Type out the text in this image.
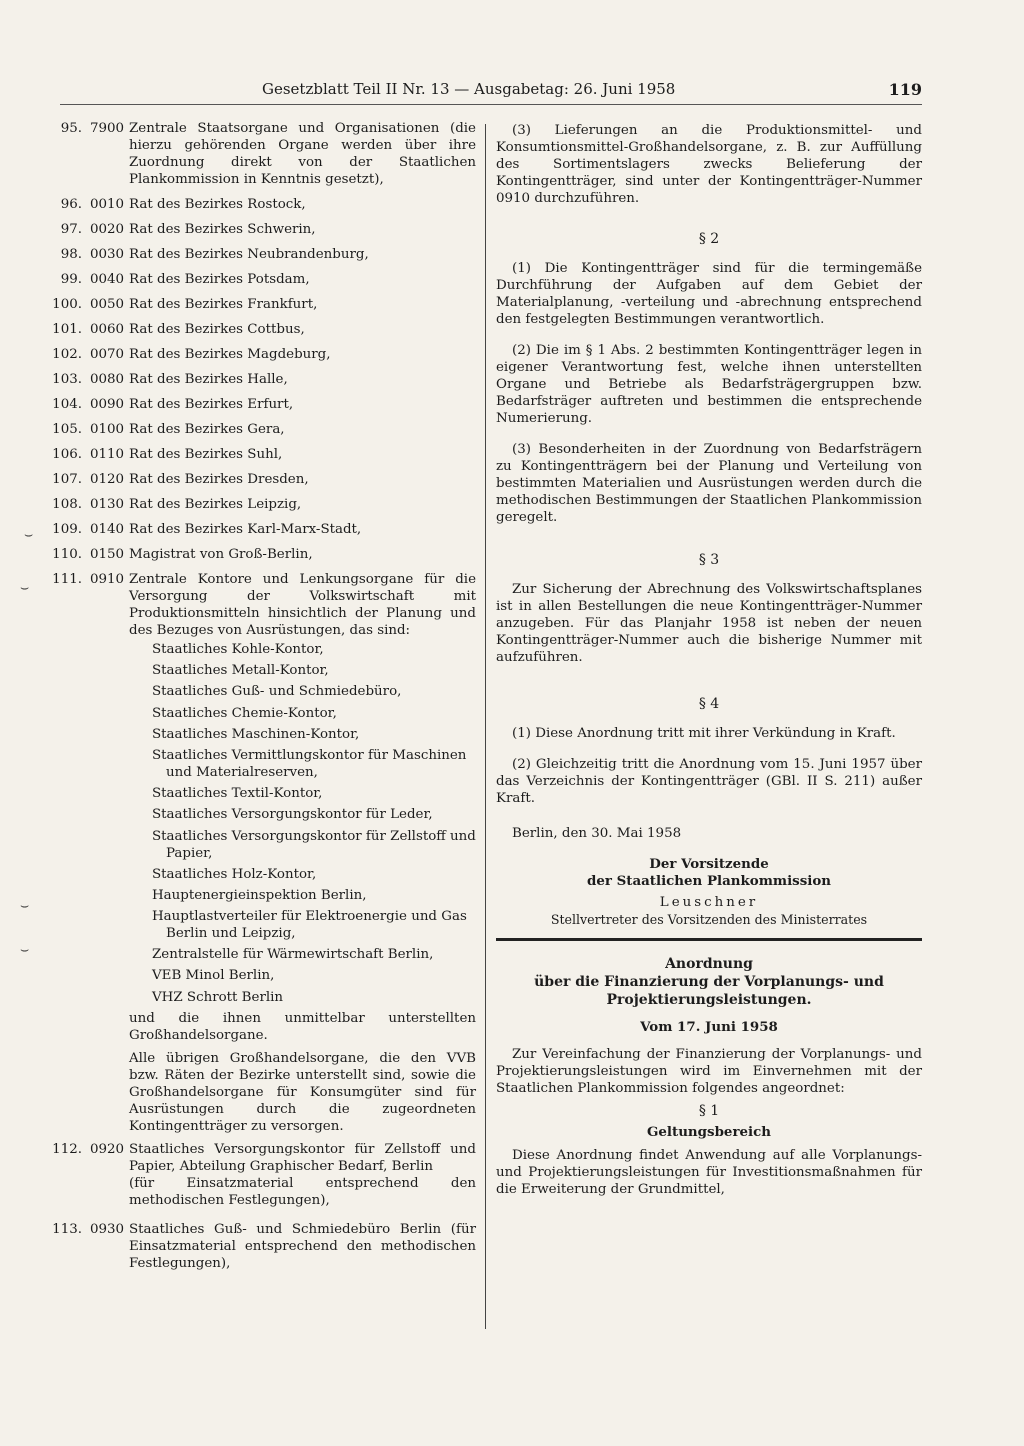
Gesetzblatt Teil II Nr. 13 — Ausgabetag: 26. Juni 1958	119
⌣
⌣
⌣
⌣
95. 7900 Zentrale Staatsorgane und Organisationen (die hierzu gehörenden Organe werden über ihre Zuordnung direkt von der Staatlichen Plankommission in Kenntnis gesetzt),
96. 0010 Rat des Bezirkes Rostock,
97. 0020 Rat des Bezirkes Schwerin,
98. 0030 Rat des Bezirkes Neubrandenburg,
99. 0040 Rat des Bezirkes Potsdam,
100. 0050 Rat des Bezirkes Frankfurt,
101. 0060 Rat des Bezirkes Cottbus,
102. 0070 Rat des Bezirkes Magdeburg,
103. 0080 Rat des Bezirkes Halle,
104. 0090 Rat des Bezirkes Erfurt,
105. 0100 Rat des Bezirkes Gera,
106. 0110 Rat des Bezirkes Suhl,
107. 0120 Rat des Bezirkes Dresden,
108. 0130 Rat des Bezirkes Leipzig,
109. 0140 Rat des Bezirkes Karl-Marx-Stadt,
110. 0150 Magistrat von Groß-Berlin,
111. 0910 Zentrale Kontore und Lenkungsorgane für die Versorgung der Volkswirtschaft mit Produktionsmitteln hinsichtlich der Planung und des Bezuges von Ausrüstungen, das sind:
Staatliches Kohle-Kontor,
Staatliches Metall-Kontor,
Staatliches Guß- und Schmiedebüro,
Staatliches Chemie-Kontor,
Staatliches Maschinen-Kontor,
Staatliches Vermittlungskontor für Maschinen und Materialreserven,
Staatliches Textil-Kontor,
Staatliches Versorgungskontor für Leder,
Staatliches Versorgungskontor für Zellstoff und Papier,
Staatliches Holz-Kontor,
Hauptenergieinspektion Berlin,
Hauptlastverteiler für Elektroenergie und Gas Berlin und Leipzig,
Zentralstelle für Wärmewirtschaft Berlin,
VEB Minol Berlin,
VHZ Schrott Berlin

und die ihnen unmittelbar unterstellten Großhandelsorgane.

Alle übrigen Großhandelsorgane, die den VVB bzw. Räten der Bezirke unterstellt sind, sowie die Großhandelsorgane für Konsumgüter sind für Ausrüstungen durch die zugeordneten Kontingentträger zu versorgen.

112. 0920 Staatliches Versorgungskontor für Zellstoff und Papier, Abteilung Graphischer Bedarf, Berlin

(für Einsatzmaterial entsprechend den methodischen Festlegungen),

113. 0930 Staatliches Guß- und Schmiedebüro Berlin (für Einsatzmaterial entsprechend den methodischen Festlegungen),

(3) Lieferungen an die Produktionsmittel- und Konsumtionsmittel-Großhandelsorgane, z. B. zur Auffüllung des Sortimentslagers zwecks Belieferung der Kontingentträger, sind unter der Kontingentträger-Nummer 0910 durchzuführen.

§ 2

(1) Die Kontingentträger sind für die termingemäße Durchführung der Aufgaben auf dem Gebiet der Materialplanung, -verteilung und -abrechnung entsprechend den festgelegten Bestimmungen verantwortlich.

(2) Die im § 1 Abs. 2 bestimmten Kontingentträger legen in eigener Verantwortung fest, welche ihnen unterstellten Organe und Betriebe als Bedarfsträgergruppen bzw. Bedarfsträger auftreten und bestimmen die entsprechende Numerierung.

(3) Besonderheiten in der Zuordnung von Bedarfsträgern zu Kontingentträgern bei der Planung und Verteilung von bestimmten Materialien und Ausrüstungen werden durch die methodischen Bestimmungen der Staatlichen Plankommission geregelt.

§ 3

Zur Sicherung der Abrechnung des Volkswirtschaftsplanes ist in allen Bestellungen die neue Kontingentträger-Nummer anzugeben. Für das Planjahr 1958 ist neben der neuen Kontingentträger-Nummer auch die bisherige Nummer mit aufzuführen.

§ 4

(1) Diese Anordnung tritt mit ihrer Verkündung in Kraft.

(2) Gleichzeitig tritt die Anordnung vom 15. Juni 1957 über das Verzeichnis der Kontingentträger (GBl. II S. 211) außer Kraft.

Berlin, den 30. Mai 1958

Der Vorsitzende

der Staatlichen Plankommission

Leuschner

Stellvertreter des Vorsitzenden des Ministerrates

Anordnung
über die Finanzierung der Vorplanungs- und
Projektierungsleistungen.

Vom 17. Juni 1958

Zur Vereinfachung der Finanzierung der Vorplanungs- und Projektierungsleistungen wird im Einvernehmen mit der Staatlichen Plankommission folgendes angeordnet:

§ 1

Geltungsbereich

Diese Anordnung findet Anwendung auf alle Vorplanungs- und Projektierungsleistungen für Investitionsmaßnahmen für die Erweiterung der Grundmittel,
